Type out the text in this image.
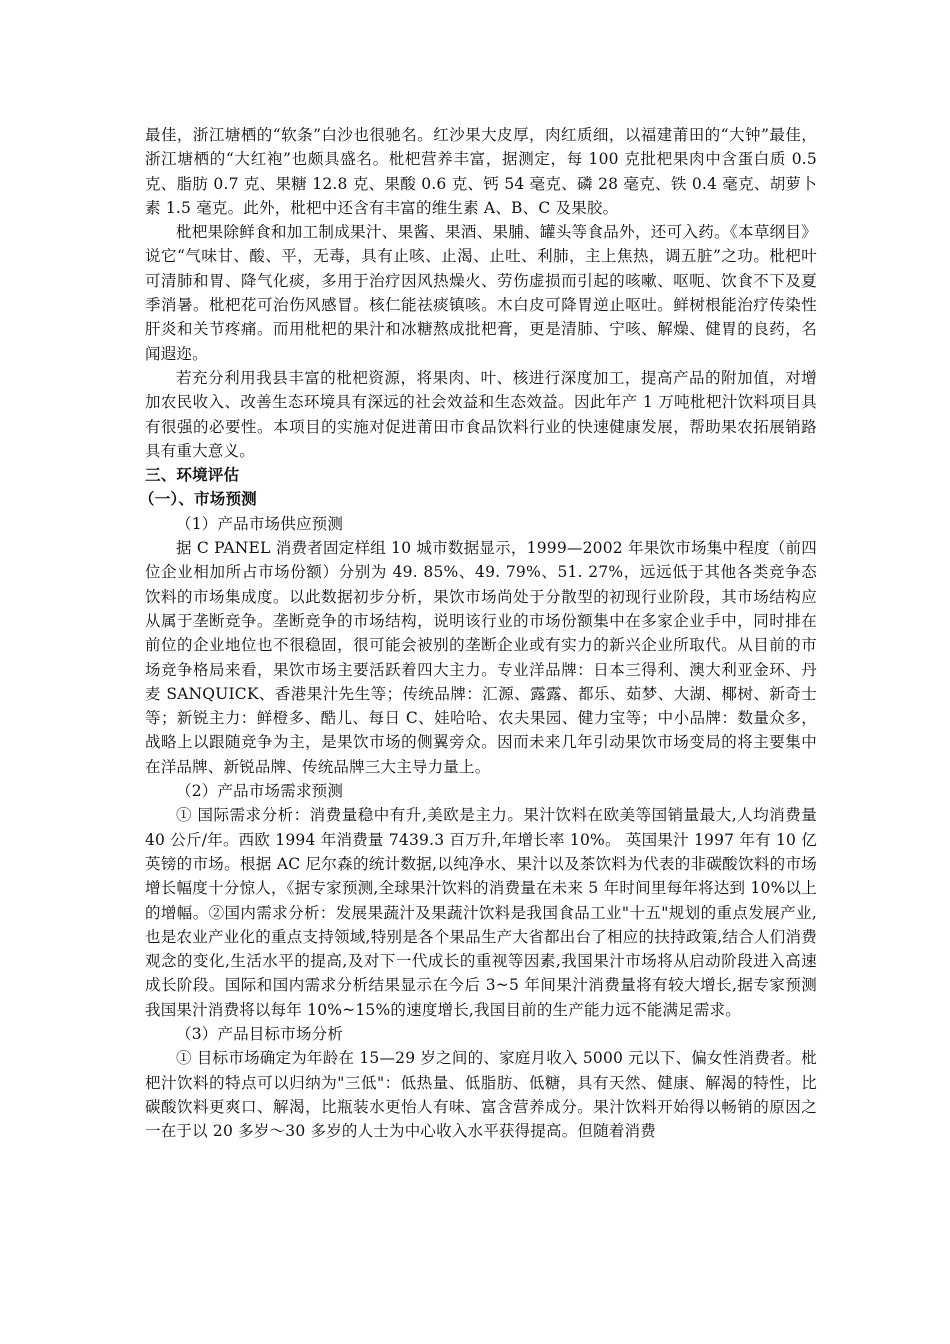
最佳，浙江塘栖的“软条”白沙也很驰名。红沙果大皮厚，肉红质细，以福建莆田的“大钟”最佳，浙江塘栖的“大红袍”也颇具盛名。枇杷营养丰富，据测定，每 100 克批杷果肉中含蛋白质 0.5 克、脂肪 0.7 克、果糖 12.8 克、果酸 0.6 克、钙 54 毫克、磷 28 毫克、铁 0.4 毫克、胡萝卜素 1.5 毫克。此外，枇杷中还含有丰富的维生素 A、B、C 及果胶。

枇杷果除鲜食和加工制成果汁、果酱、果酒、果脯、罐头等食品外，还可入药。《本草纲目》说它“气味甘、酸、平，无毒，具有止咳、止渴、止吐、利肺，主上焦热，调五脏”之功。枇杷叶可清肺和胃、降气化痰，多用于治疗因风热燥火、劳伤虚损而引起的咳嗽、呕呃、饮食不下及夏季消暑。枇杷花可治伤风感冒。核仁能祛痰镇咳。木白皮可降胃逆止呕吐。鲜树根能治疗传染性肝炎和关节疼痛。而用枇杷的果汁和冰糖熬成批杷膏，更是清肺、宁咳、解燥、健胃的良药，名闻遐迩。

若充分利用我县丰富的枇杷资源，将果肉、叶、核进行深度加工，提高产品的附加值，对增加农民收入、改善生态环境具有深远的社会效益和生态效益。因此年产 1 万吨枇杷汁饮料项目具有很强的必要性。本项目的实施对促进莆田市食品饮料行业的快速健康发展，帮助果农拓展销路具有重大意义。

三、环境评估
（一）、市场预测

（1）产品市场供应预测

据 C PANEL 消费者固定样组 10 城市数据显示，1999—2002 年果饮市场集中程度（前四位企业相加所占市场份额）分别为 49. 85%、49. 79%、51. 27%，远远低于其他各类竞争态饮料的市场集成度。以此数据初步分析，果饮市场尚处于分散型的初现行业阶段，其市场结构应从属于垄断竞争。垄断竞争的市场结构，说明该行业的市场份额集中在多家企业手中，同时排在前位的企业地位也不很稳固，很可能会被别的垄断企业或有实力的新兴企业所取代。从目前的市场竞争格局来看，果饮市场主要活跃着四大主力。专业洋品牌：日本三得利、澳大利亚金环、丹麦 SANQUICK、香港果汁先生等；传统品牌：汇源、露露、都乐、茹梦、大湖、椰树、新奇士等；新锐主力：鲜橙多、酷儿、每日 C、娃哈哈、农夫果园、健力宝等；中小品牌：数量众多，战略上以跟随竞争为主，是果饮市场的侧翼旁众。因而未来几年引动果饮市场变局的将主要集中在洋品牌、新锐品牌、传统品牌三大主导力量上。

（2）产品市场需求预测

① 国际需求分析：消费量稳中有升,美欧是主力。果汁饮料在欧美等国销量最大,人均消费量 40 公斤/年。西欧 1994 年消费量 7439.3 百万升,年增长率 10%。 英国果汁 1997 年有 10 亿英镑的市场。根据 AC 尼尔森的统计数据,以纯净水、果汁以及茶饮料为代表的非碳酸饮料的市场增长幅度十分惊人，《据专家预测,全球果汁饮料的消费量在未来 5 年时间里每年将达到 10%以上的增幅。②国内需求分析：发展果蔬汁及果蔬汁饮料是我国食品工业"十五"规划的重点发展产业,也是农业产业化的重点支持领域,特别是各个果品生产大省都出台了相应的扶持政策,结合人们消费观念的变化,生活水平的提高,及对下一代成长的重视等因素,我国果汁市场将从启动阶段进入高速成长阶段。国际和国内需求分析结果显示在今后 3~5 年间果汁消费量将有较大增长,据专家预测我国果汁消费将以每年 10%~15%的速度增长,我国目前的生产能力远不能满足需求。

（3）产品目标市场分析

① 目标市场确定为年龄在 15—29 岁之间的、家庭月收入 5000 元以下、偏女性消费者。枇杷汁饮料的特点可以归纳为"三低"：低热量、低脂肪、低糖，具有天然、健康、解渴的特性，比碳酸饮料更爽口、解渴，比瓶装水更怡人有味、富含营养成分。果汁饮料开始得以畅销的原因之一在于以 20 多岁～30 多岁的人士为中心收入水平获得提高。但随着消费
